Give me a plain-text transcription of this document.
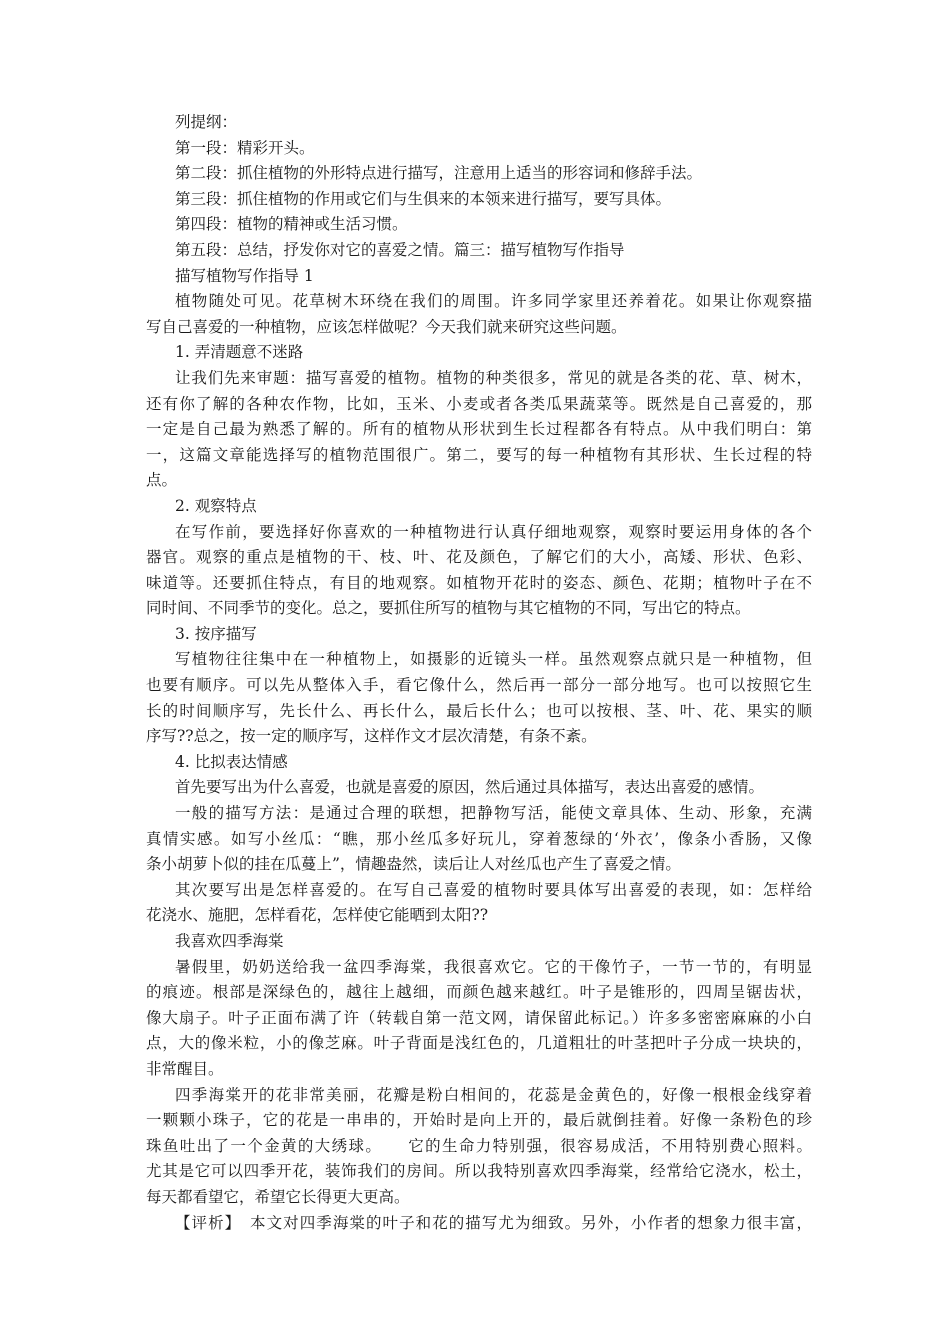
列提纲：
第一段：精彩开头。
第二段：抓住植物的外形特点进行描写，注意用上适当的形容词和修辞手法。
第三段：抓住植物的作用或它们与生俱来的本领来进行描写，要写具体。
第四段：植物的精神或生活习惯。
第五段：总结，抒发你对它的喜爱之情。篇三：描写植物写作指导
描写植物写作指导 1
植物随处可见。花草树木环绕在我们的周围。许多同学家里还养着花。如果让你观察描
写自己喜爱的一种植物，应该怎样做呢？今天我们就来研究这些问题。
1. 弄清题意不迷路
让我们先来审题：描写喜爱的植物。植物的种类很多，常见的就是各类的花、草、树木，
还有你了解的各种农作物，比如，玉米、小麦或者各类瓜果蔬菜等。既然是自己喜爱的，那
一定是自己最为熟悉了解的。所有的植物从形状到生长过程都各有特点。从中我们明白：第
一，这篇文章能选择写的植物范围很广。第二，要写的每一种植物有其形状、生长过程的特
点。
2. 观察特点
在写作前，要选择好你喜欢的一种植物进行认真仔细地观察，观察时要运用身体的各个
器官。观察的重点是植物的干、枝、叶、花及颜色，了解它们的大小，高矮、形状、色彩、
味道等。还要抓住特点，有目的地观察。如植物开花时的姿态、颜色、花期；植物叶子在不
同时间、不同季节的变化。总之，要抓住所写的植物与其它植物的不同，写出它的特点。
3. 按序描写
写植物往往集中在一种植物上，如摄影的近镜头一样。虽然观察点就只是一种植物，但
也要有顺序。可以先从整体入手，看它像什么，然后再一部分一部分地写。也可以按照它生
长的时间顺序写，先长什么、再长什么，最后长什么；也可以按根、茎、叶、花、果实的顺
序写??总之，按一定的顺序写，这样作文才层次清楚，有条不紊。
4. 比拟表达情感
首先要写出为什么喜爱，也就是喜爱的原因，然后通过具体描写，表达出喜爱的感情。
一般的描写方法：是通过合理的联想，把静物写活，能使文章具体、生动、形象，充满
真情实感。如写小丝瓜：“瞧，那小丝瓜多好玩儿，穿着葱绿的‘外衣’，像条小香肠，又像
条小胡萝卜似的挂在瓜蔓上”，情趣盎然，读后让人对丝瓜也产生了喜爱之情。
其次要写出是怎样喜爱的。在写自己喜爱的植物时要具体写出喜爱的表现，如：怎样给
花浇水、施肥，怎样看花，怎样使它能晒到太阳??
我喜欢四季海棠
暑假里，奶奶送给我一盆四季海棠，我很喜欢它。它的干像竹子，一节一节的，有明显
的痕迹。根部是深绿色的，越往上越细，而颜色越来越红。叶子是锥形的，四周呈锯齿状，
像大扇子。叶子正面布满了许（转载自第一范文网，请保留此标记。）许多多密密麻麻的小白
点，大的像米粒，小的像芝麻。叶子背面是浅红色的，几道粗壮的叶茎把叶子分成一块块的，
非常醒目。
四季海棠开的花非常美丽，花瓣是粉白相间的，花蕊是金黄色的，好像一根根金线穿着
一颗颗小珠子，它的花是一串串的，开始时是向上开的，最后就倒挂着。好像一条粉色的珍
珠鱼吐出了一个金黄的大绣球。　　它的生命力特别强，很容易成活，不用特别费心照料。
尤其是它可以四季开花，装饰我们的房间。所以我特别喜欢四季海棠，经常给它浇水，松土，
每天都看望它，希望它长得更大更高。
【评析】　本文对四季海棠的叶子和花的描写尤为细致。另外，小作者的想象力很丰富，
